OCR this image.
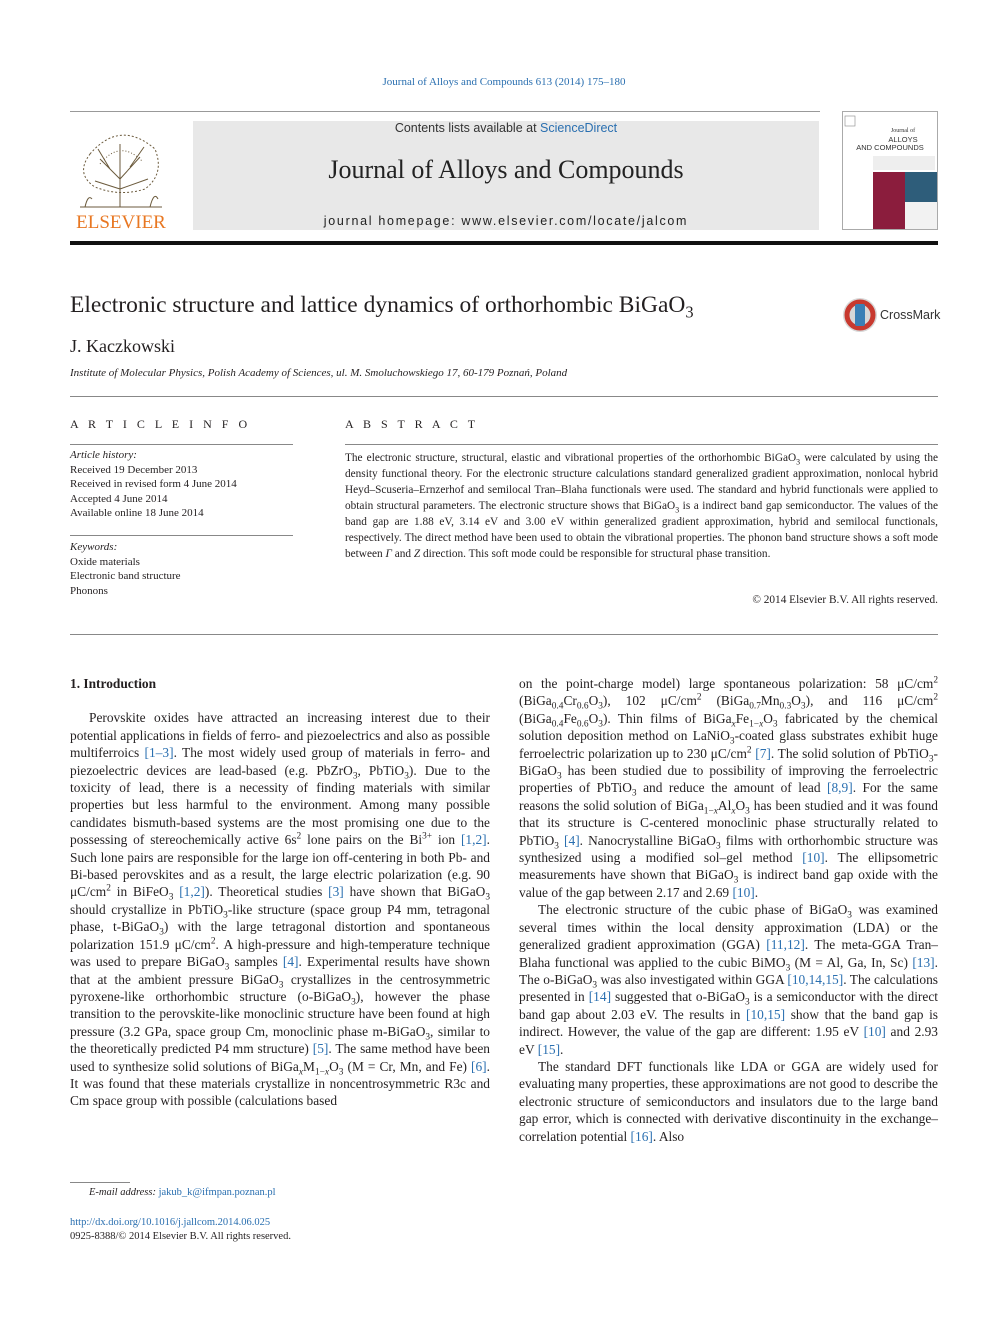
Journal of Alloys and Compounds 613 (2014) 175–180
ELSEVIER
Contents lists available at ScienceDirect
Journal of Alloys and Compounds
journal homepage: www.elsevier.com/locate/jalcom
Journal of
ALLOYS
AND COMPOUNDS
Electronic structure and lattice dynamics of orthorhombic BiGaO$_3$	CrossMark
J. Kaczkowski
Institute of Molecular Physics, Polish Academy of Sciences, ul. M. Smoluchowskiego 17, 60-179 Poznań, Poland
A R T I C L E I N F O
Article history:
Received 19 December 2013
Received in revised form 4 June 2014
Accepted 4 June 2014
Available online 18 June 2014
Keywords:
Oxide materials
Electronic band structure
Phonons
A B S T R A C T
The electronic structure, structural, elastic and vibrational properties of the orthorhombic BiGaO$_3$ were calculated by using the density functional theory. For the electronic structure calculations standard generalized gradient approximation, nonlocal hybrid Heyd–Scuseria–Ernzerhof and semilocal Tran–Blaha functionals were used. The standard and hybrid functionals were applied to obtain structural parameters. The electronic structure shows that BiGaO$_3$ is a indirect band gap semiconductor. The values of the band gap are 1.88 eV, 3.14 eV and 3.00 eV within generalized gradient approximation, hybrid and semilocal functionals, respectively. The direct method have been used to obtain the vibrational properties. The phonon band structure shows a soft mode between Γ and Z direction. This soft mode could be responsible for structural phase transition.
© 2014 Elsevier B.V. All rights reserved.

1. Introduction

Perovskite oxides have attracted an increasing interest due to their potential applications in fields of ferro- and piezoelectrics and also as possible multiferroics [1–3]. The most widely used group of materials in ferro- and piezoelectric devices are lead-based (e.g. PbZrO$_3$, PbTiO$_3$). Due to the toxicity of lead, there is a necessity of finding materials with similar properties but less harmful to the environment. Among many possible candidates bismuth-based systems are the most promising one due to the possessing of stereochemically active $6s^2$ lone pairs on the $Bi^{3+}$ ion [1,2]. Such lone pairs are responsible for the large ion off-centering in both Pb- and Bi-based perovskites and as a result, the large electric polarization (e.g. 90 $\mu C/cm^2$ in BiFeO$_3$ [1,2]). Theoretical studies [3] have shown that BiGaO$_3$ should crystallize in PbTiO$_3$-like structure (space group P4 mm, tetragonal phase, t-BiGaO$_3$) with the large tetragonal distortion and spontaneous polarization 151.9 $\mu C/cm^2$. A high-pressure and high-temperature technique was used to prepare BiGaO$_3$ samples [4]. Experimental results have shown that at the ambient pressure BiGaO$_3$ crystallizes in the centrosymmetric pyroxene-like orthorhombic structure (o-BiGaO$_3$), however the phase transition to the perovskite-like monoclinic structure have been found at high pressure (3.2 GPa, space group Cm, monoclinic phase m-BiGaO$_3$, similar to the theoretically predicted P4 mm structure) [5]. The same method have been used to synthesize solid solutions of $BiGa_xM_{1-x}O_3$ (M = Cr, Mn, and Fe) [6]. It was found that these materials crystallize in noncentrosymmetric R3c and Cm space group with possible (calculations based

on the point-charge model) large spontaneous polarization: 58 $\mu C/cm^2$ $(BiGa_{0.4}Cr_{0.6}O_3)$, 102 $\mu C/cm^2$ $(BiGa_{0.7}Mn_{0.3}O_3)$, and 116 $\mu C/cm^2$ $(BiGa_{0.4}Fe_{0.6}O_3)$. Thin films of $BiGa_xFe_{1-x}O_3$ fabricated by the chemical solution deposition method on LaNiO$_3$-coated glass substrates exhibit huge ferroelectric polarization up to 230 $\mu C/cm^2$ [7]. The solid solution of PbTiO$_3$-BiGaO$_3$ has been studied due to possibility of improving the ferroelectric properties of PbTiO$_3$ and reduce the amount of lead [8,9]. For the same reasons the solid solution of $BiGa_{1-x}Al_xO_3$ has been studied and it was found that its structure is C-centered monoclinic phase structurally related to PbTiO$_3$ [4]. Nanocrystalline BiGaO$_3$ films with orthorhombic structure was synthesized using a modified sol–gel method [10]. The ellipsometric measurements have shown that BiGaO$_3$ is indirect band gap oxide with the value of the gap between 2.17 and 2.69 [10].

The electronic structure of the cubic phase of BiGaO$_3$ was examined several times within the local density approximation (LDA) or the generalized gradient approximation (GGA) [11,12]. The meta-GGA Tran–Blaha functional was applied to the cubic BiMO$_3$ (M = Al, Ga, In, Sc) [13]. The o-BiGaO$_3$ was also investigated within GGA [10,14,15]. The calculations presented in [14] suggested that o-BiGaO$_3$ is a semiconductor with the direct band gap about 2.03 eV. The results in [10,15] show that the band gap is indirect. However, the value of the gap are different: 1.95 eV [10] and 2.93 eV [15].

The standard DFT functionals like LDA or GGA are widely used for evaluating many properties, these approximations are not good to describe the electronic structure of semiconductors and insulators due to the large band gap error, which is connected with derivative discontinuity in the exchange–correlation potential [16]. Also

E-mail address: jakub_k@ifmpan.poznan.pl
http://dx.doi.org/10.1016/j.jallcom.2014.06.025
0925-8388/© 2014 Elsevier B.V. All rights reserved.
